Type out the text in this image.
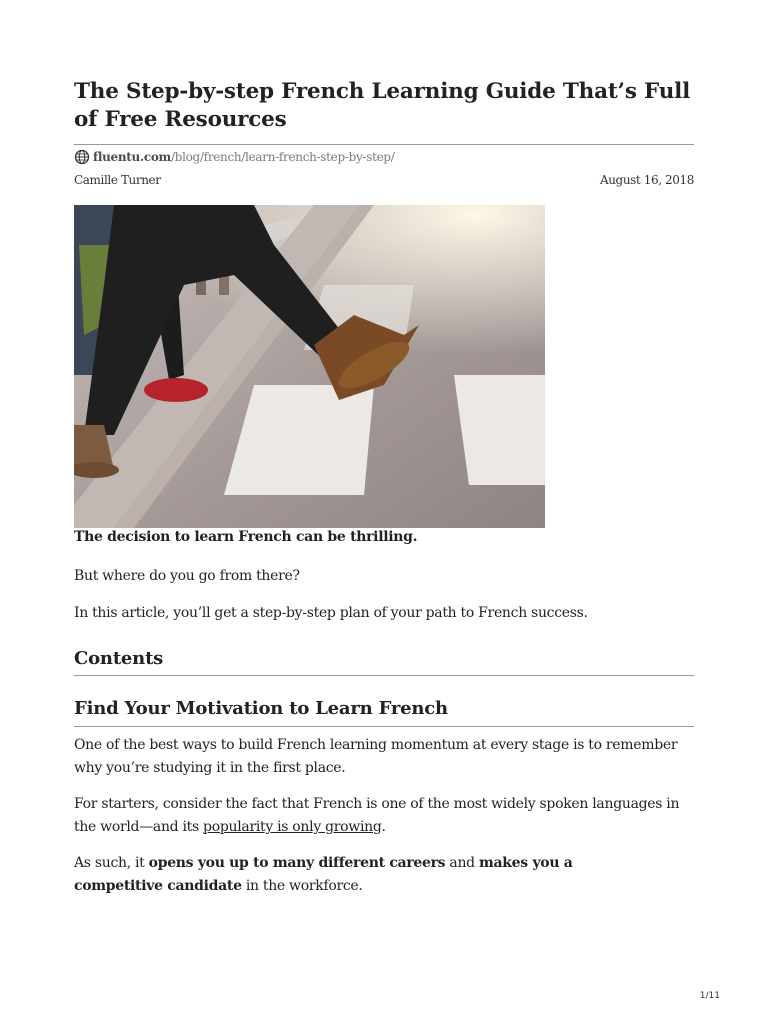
The Step-by-step French Learning Guide That’s Full of Free Resources
fluentu.com /blog/french/learn-french-step-by-step/
Camille Turner	August 16, 2018

The decision to learn French can be thrilling.

But where do you go from there?

In this article, you’ll get a step-by-step plan of your path to French success.

Contents
Find Your Motivation to Learn French

One of the best ways to build French learning momentum at every stage is to remember why you’re studying it in the first place.

For starters, consider the fact that French is one of the most widely spoken languages in the world—and its popularity is only growing.

As such, it opens you up to many different careers and makes you a competitive candidate in the workforce.

1/11
